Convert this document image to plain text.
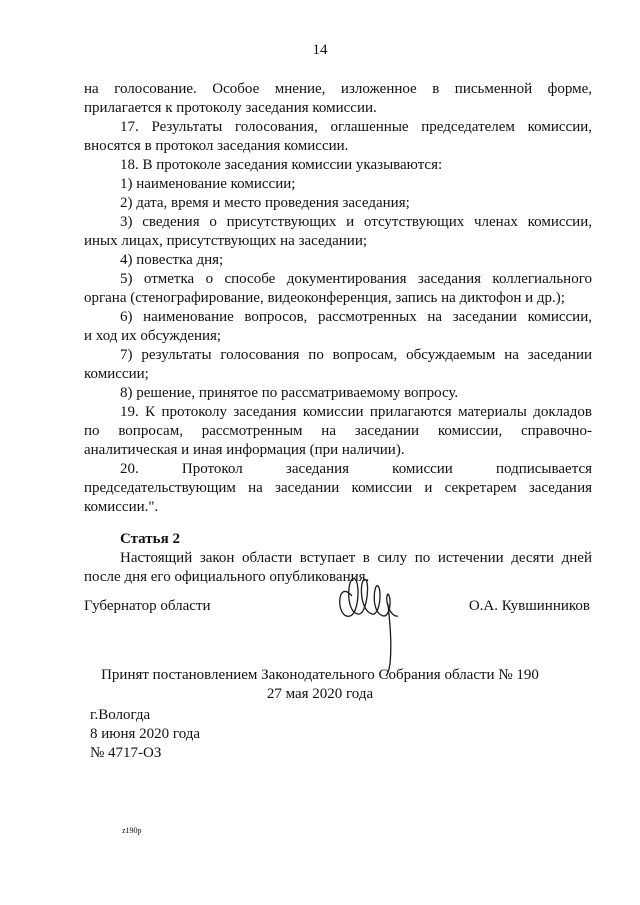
14
на голосование. Особое мнение, изложенное в письменной форме,
прилагается к протоколу заседания комиссии.
17. Результаты голосования, оглашенные председателем комиссии,
вносятся в протокол заседания комиссии.
18. В протоколе заседания комиссии указываются:
1) наименование комиссии;
2) дата, время и место проведения заседания;
3) сведения о присутствующих и отсутствующих членах комиссии,
иных лицах, присутствующих на заседании;
4) повестка дня;
5) отметка о способе документирования заседания коллегиального
органа (стенографирование, видеоконференция, запись на диктофон и др.);
6) наименование вопросов, рассмотренных на заседании комиссии,
и ход их обсуждения;
7) результаты голосования по вопросам, обсуждаемым на заседании
комиссии;
8) решение, принятое по рассматриваемому вопросу.
19. К протоколу заседания комиссии прилагаются материалы докладов
по вопросам, рассмотренным на заседании комиссии, справочно-
аналитическая и иная информация (при наличии).
20. Протокол заседания комиссии подписывается
председательствующим на заседании комиссии и секретарем заседания
комиссии.".
Статья 2
Настоящий закон области вступает в силу по истечении десяти дней
после дня его официального опубликования.
Губернатор области	О.А. Кувшинников
Принят постановлением Законодательного Собрания области № 190
27 мая 2020 года
г.Вологда
8 июня 2020 года
№ 4717-ОЗ
z190p
